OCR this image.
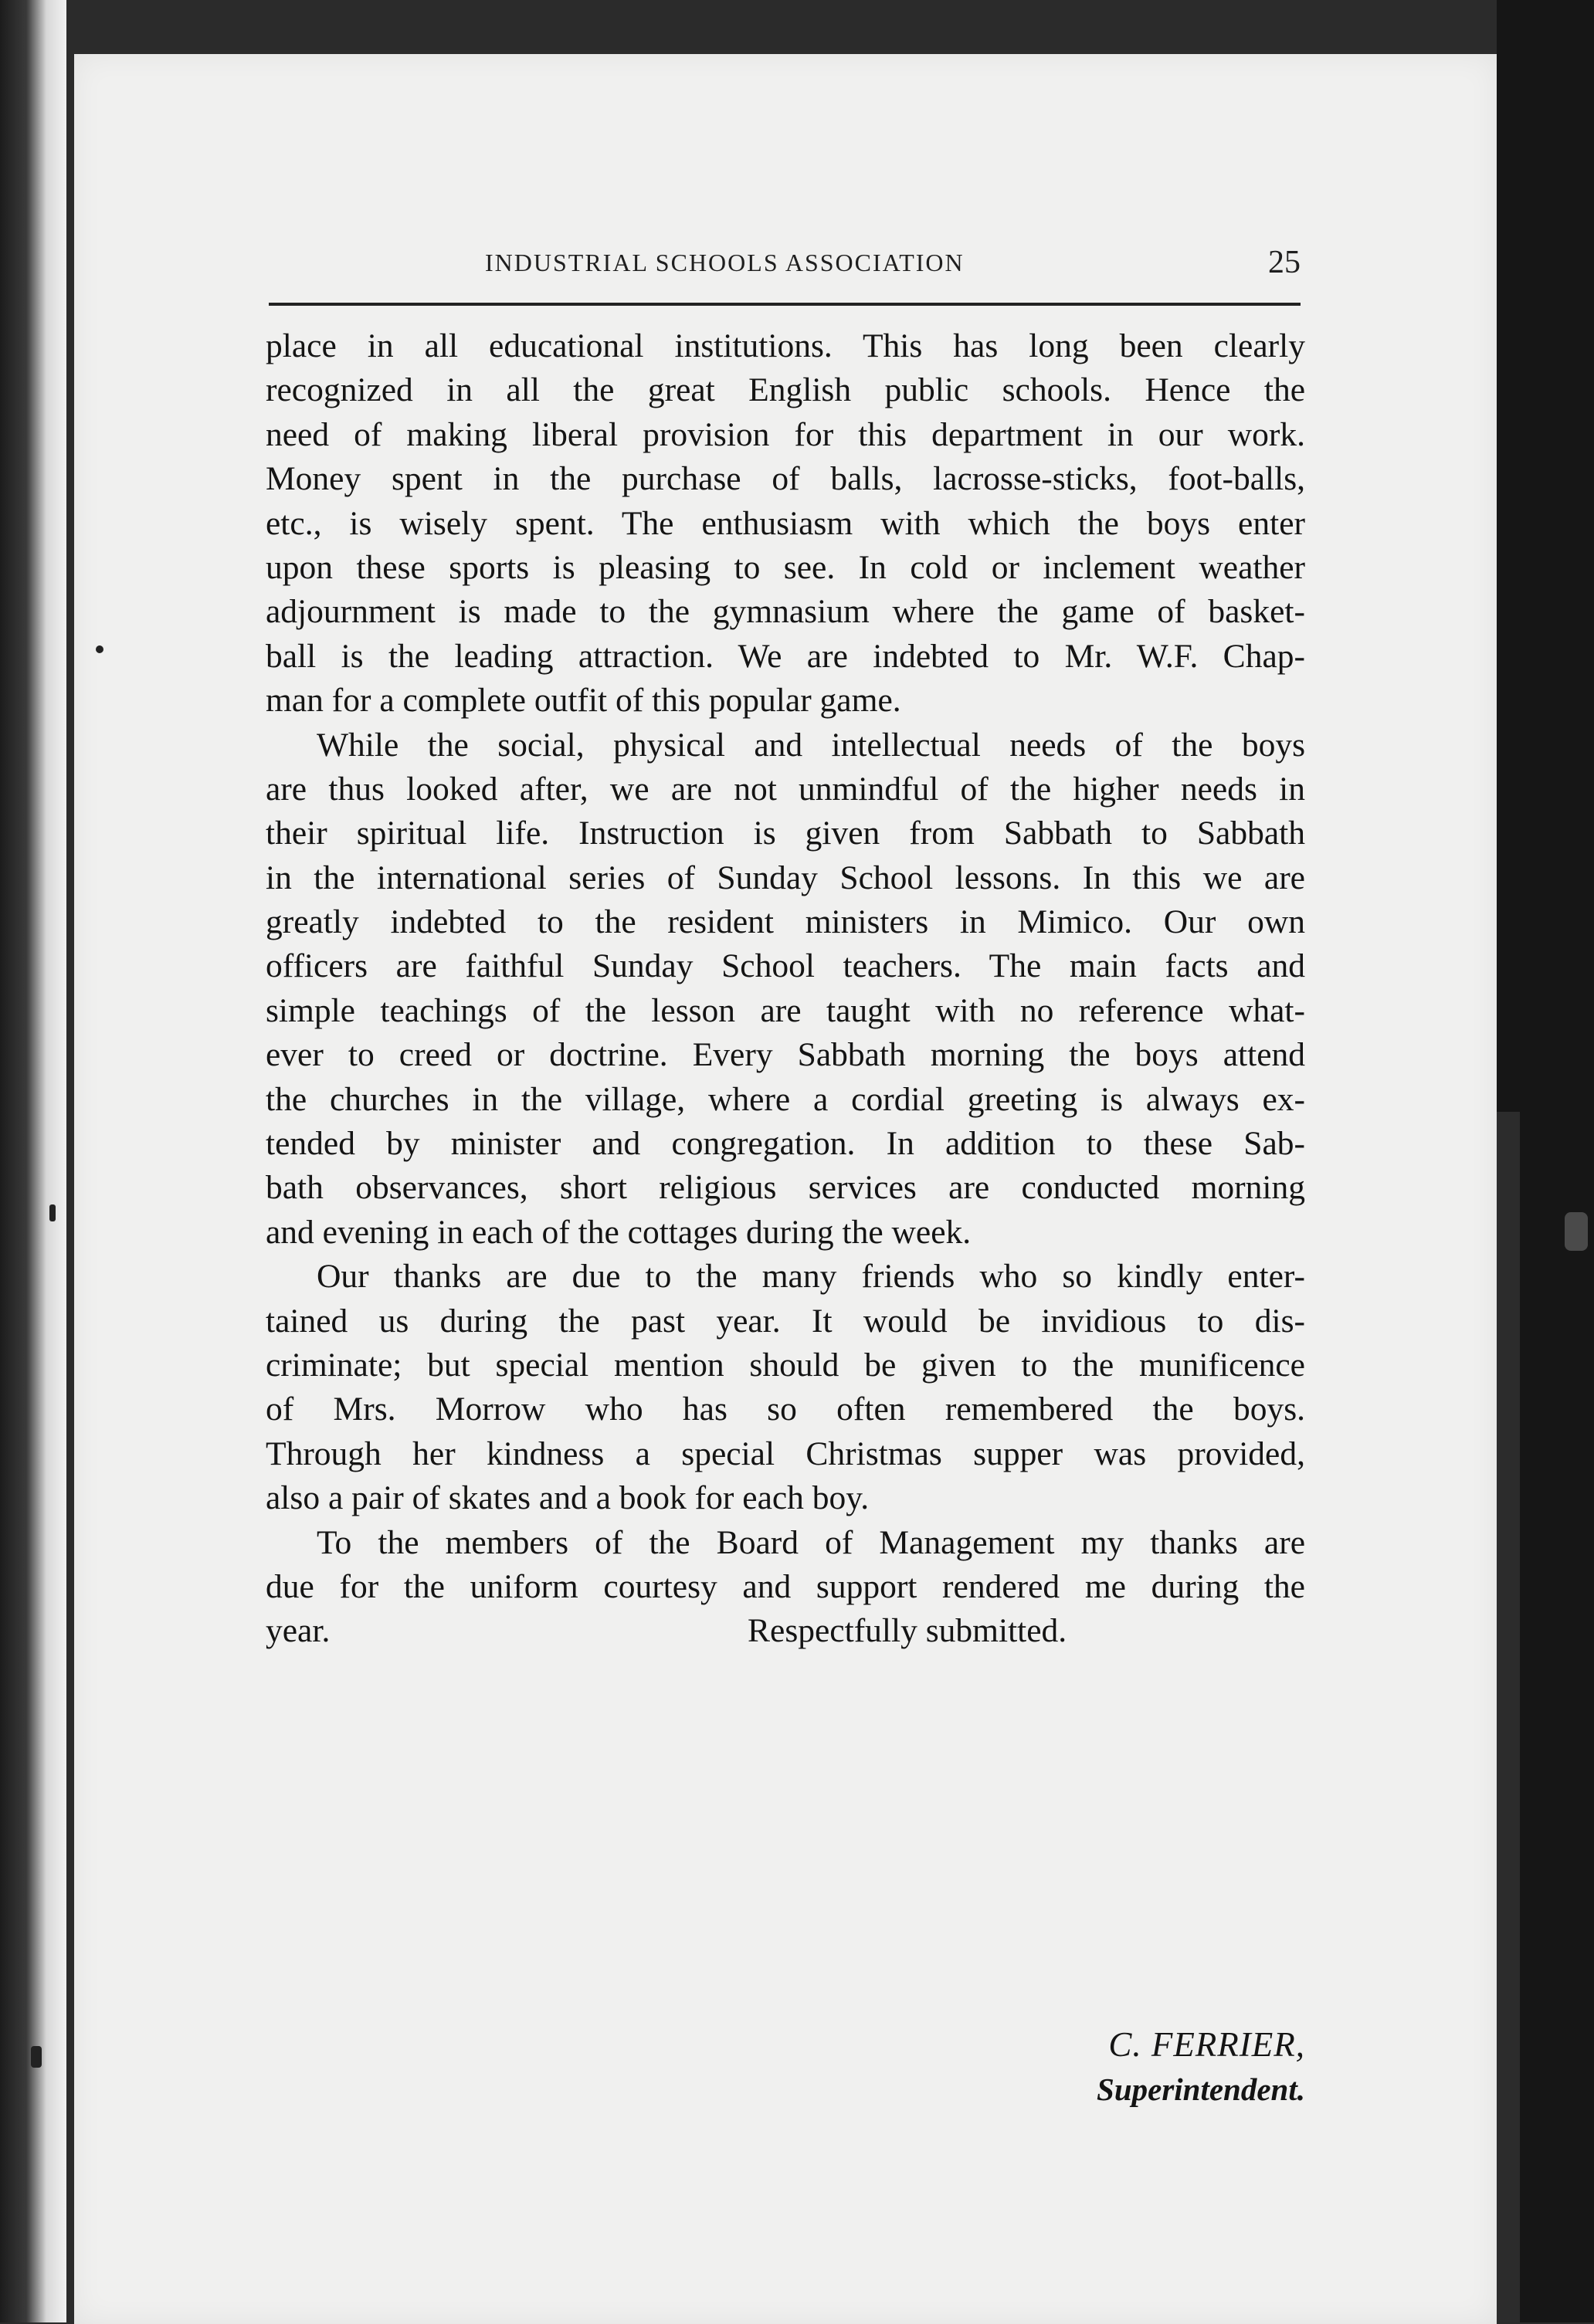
INDUSTRIAL SCHOOLS ASSOCIATION	25
place in all educational institutions. This has long been clearly
recognized in all the great English public schools. Hence the
need of making liberal provision for this department in our work.
Money spent in the purchase of balls, lacrosse-sticks, foot-balls,
etc., is wisely spent. The enthusiasm with which the boys enter
upon these sports is pleasing to see. In cold or inclement weather
adjournment is made to the gymnasium where the game of basket-
ball is the leading attraction. We are indebted to Mr. W.F. Chap-
man for a complete outfit of this popular game.
While the social, physical and intellectual needs of the boys
are thus looked after, we are not unmindful of the higher needs in
their spiritual life. Instruction is given from Sabbath to Sabbath
in the international series of Sunday School lessons. In this we are
greatly indebted to the resident ministers in Mimico. Our own
officers are faithful Sunday School teachers. The main facts and
simple teachings of the lesson are taught with no reference what-
ever to creed or doctrine. Every Sabbath morning the boys attend
the churches in the village, where a cordial greeting is always ex-
tended by minister and congregation. In addition to these Sab-
bath observances, short religious services are conducted morning
and evening in each of the cottages during the week.
Our thanks are due to the many friends who so kindly enter-
tained us during the past year. It would be invidious to dis-
criminate; but special mention should be given to the munificence
of Mrs. Morrow who has so often remembered the boys.
Through her kindness a special Christmas supper was provided,
also a pair of skates and a book for each boy.
To the members of the Board of Management my thanks are
due for the uniform courtesy and support rendered me during the
year.	Respectfully submitted.
C. FERRIER,
Superintendent.
